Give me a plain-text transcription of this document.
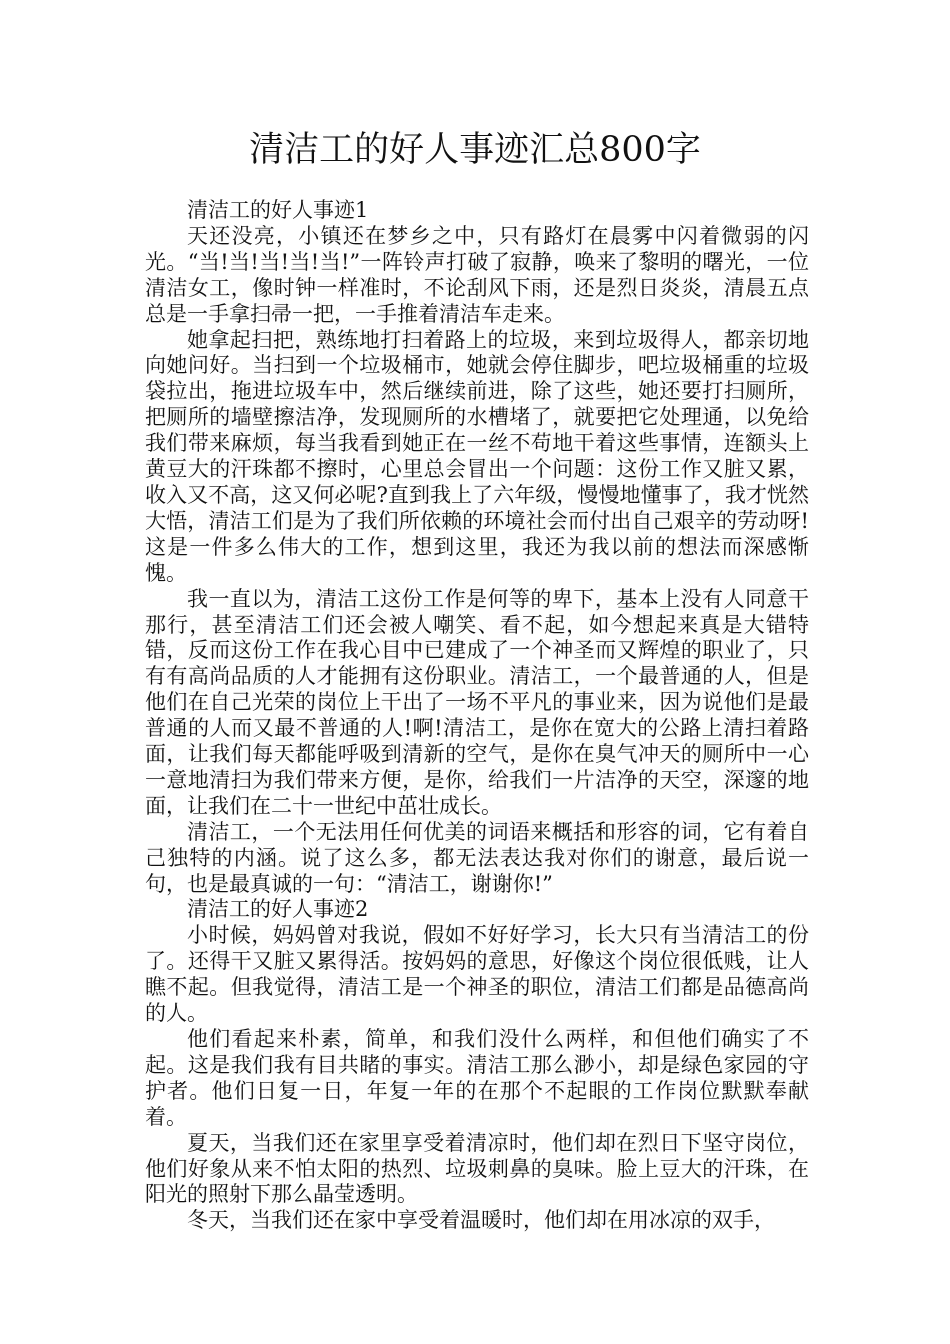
清洁工的好人事迹汇总800字

清洁工的好人事迹1

天还没亮，小镇还在梦乡之中，只有路灯在晨雾中闪着微弱的闪光。“当!当!当!当!当!”一阵铃声打破了寂静，唤来了黎明的曙光，一位清洁女工，像时钟一样准时，不论刮风下雨，还是烈日炎炎，清晨五点总是一手拿扫帚一把，一手推着清洁车走来。

她拿起扫把，熟练地打扫着路上的垃圾，来到垃圾得人，都亲切地向她问好。当扫到一个垃圾桶市，她就会停住脚步，吧垃圾桶重的垃圾袋拉出，拖进垃圾车中，然后继续前进，除了这些，她还要打扫厕所，把厕所的墙壁擦洁净，发现厕所的水槽堵了，就要把它处理通，以免给我们带来麻烦，每当我看到她正在一丝不苟地干着这些事情，连额头上黄豆大的汗珠都不擦时，心里总会冒出一个问题：这份工作又脏又累，收入又不高，这又何必呢?直到我上了六年级，慢慢地懂事了，我才恍然大悟，清洁工们是为了我们所依赖的环境社会而付出自己艰辛的劳动呀!这是一件多么伟大的工作，想到这里，我还为我以前的想法而深感惭愧。

我一直以为，清洁工这份工作是何等的卑下，基本上没有人同意干那行，甚至清洁工们还会被人嘲笑、看不起，如今想起来真是大错特错，反而这份工作在我心目中已建成了一个神圣而又辉煌的职业了，只有有高尚品质的人才能拥有这份职业。清洁工，一个最普通的人，但是他们在自己光荣的岗位上干出了一场不平凡的事业来，因为说他们是最普通的人而又最不普通的人!啊!清洁工，是你在宽大的公路上清扫着路面，让我们每天都能呼吸到清新的空气，是你在臭气冲天的厕所中一心一意地清扫为我们带来方便，是你，给我们一片洁净的天空，深邃的地面，让我们在二十一世纪中茁壮成长。

清洁工，一个无法用任何优美的词语来概括和形容的词，它有着自己独特的内涵。说了这么多，都无法表达我对你们的谢意，最后说一句，也是最真诚的一句：“清洁工，谢谢你!”

清洁工的好人事迹2

小时候，妈妈曾对我说，假如不好好学习，长大只有当清洁工的份了。还得干又脏又累得活。按妈妈的意思，好像这个岗位很低贱，让人瞧不起。但我觉得，清洁工是一个神圣的职位，清洁工们都是品德高尚的人。

他们看起来朴素，简单，和我们没什么两样，和但他们确实了不起。这是我们我有目共睹的事实。清洁工那么渺小，却是绿色家园的守护者。他们日复一日，年复一年的在那个不起眼的工作岗位默默奉献着。

夏天，当我们还在家里享受着清凉时，他们却在烈日下坚守岗位，他们好象从来不怕太阳的热烈、垃圾刺鼻的臭味。脸上豆大的汗珠，在阳光的照射下那么晶莹透明。

冬天，当我们还在家中享受着温暖时，他们却在用冰凉的双手，
